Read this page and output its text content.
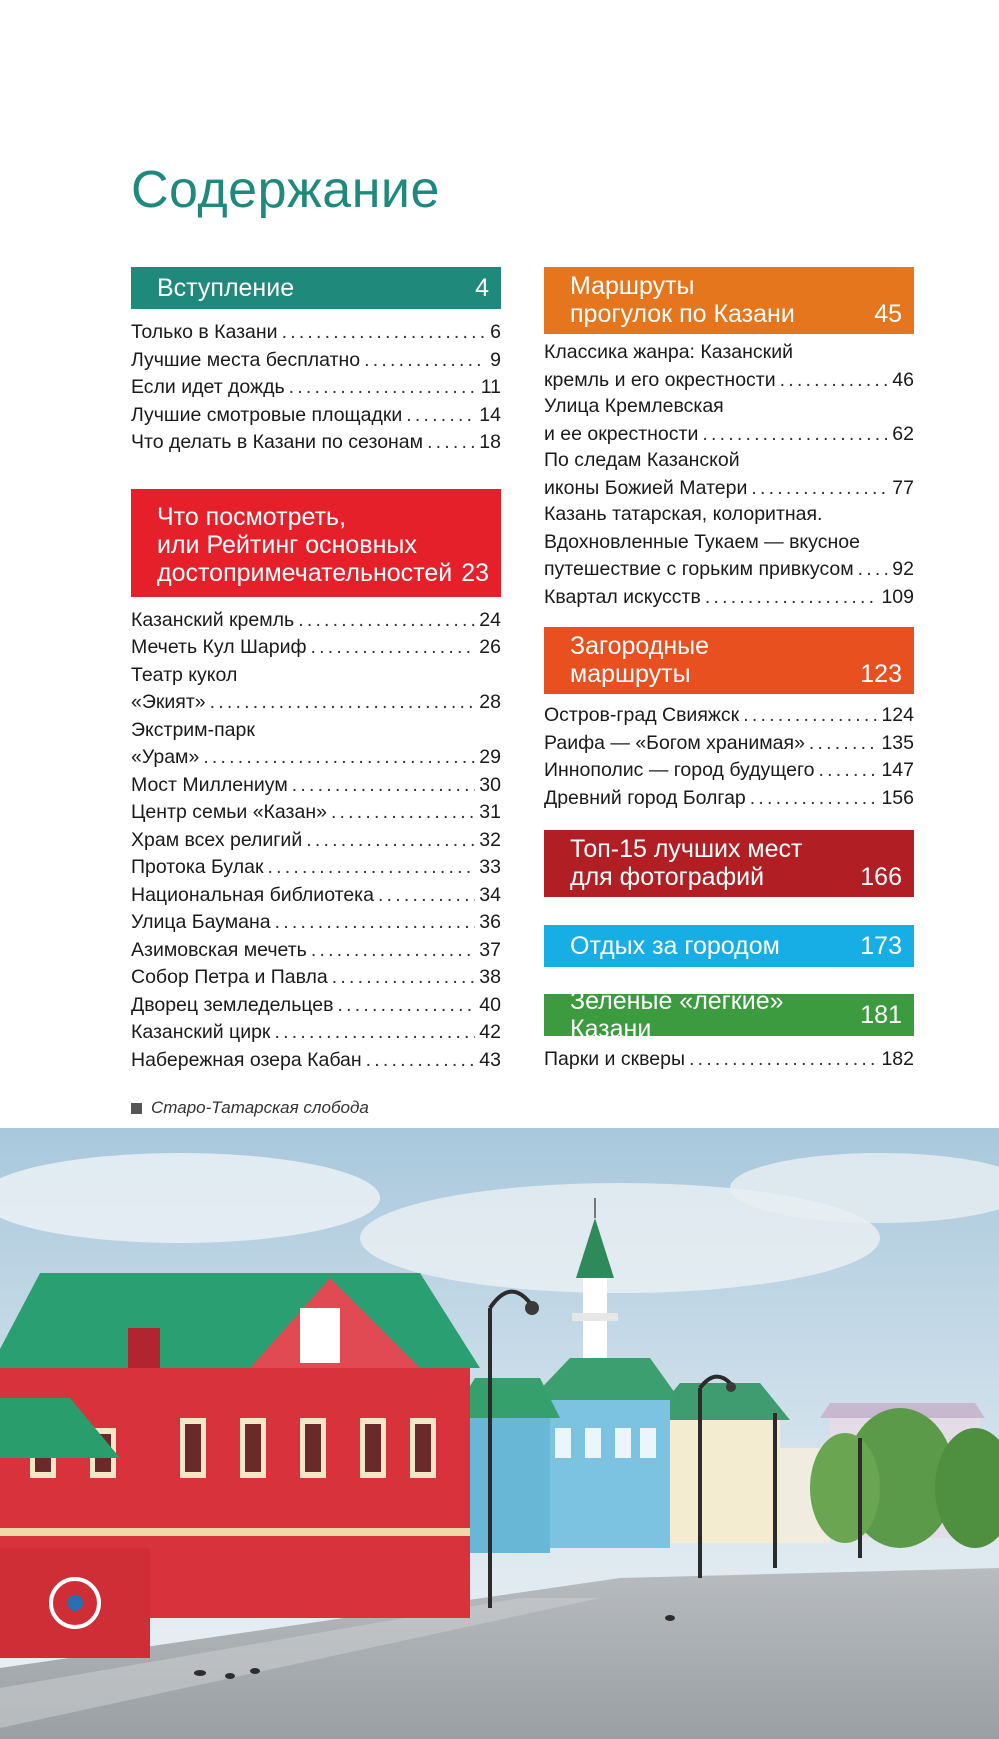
Содержание
Вступление	4
Только в Казани .....	6
Лучшие места бесплатно .....	9
Если идет дождь .....	11
Лучшие смотровые площадки .....	14
Что делать в Казани по сезонам .....	18
Что посмотреть,
или Рейтинг основных
достопримечательностей 23
Казанский кремль .....	24
Мечеть Кул Шариф .....	26
Театр кукол
«Экият» .....	28
Экстрим-парк
«Урам» .....	29
Мост Миллениум .....	30
Центр семьи «Казан» .....	31
Храм всех религий .....	32
Протока Булак .....	33
Национальная библиотека .....	34
Улица Баумана .....	36
Азимовская мечеть .....	37
Собор Петра и Павла .....	38
Дворец земледельцев .....	40
Казанский цирк .....	42
Набережная озера Кабан .....	43
Маршруты
прогулок по Казани	45
Классика жанра: Казанский
кремль и его окрестности .....	46
Улица Кремлевская
и ее окрестности .....	62
По следам Казанской
иконы Божией Матери .....	77
Казань татарская, колоритная.
Вдохновленные Тукаем — вкусное
путешествие с горьким привкусом ..... 92
Квартал искусств .....	109
Загородные
маршруты	123
Остров-град Свияжск .....	124
Раифа — «Богом хранимая» .....	135
Иннополис — город будущего .....	147
Древний город Болгар .....	156
Топ-15 лучших мест
для фотографий	166
Отдых за городом	173
Зеленые «легкие» Казани	181
Парки и скверы .....	182
Старо-Татарская слобода
